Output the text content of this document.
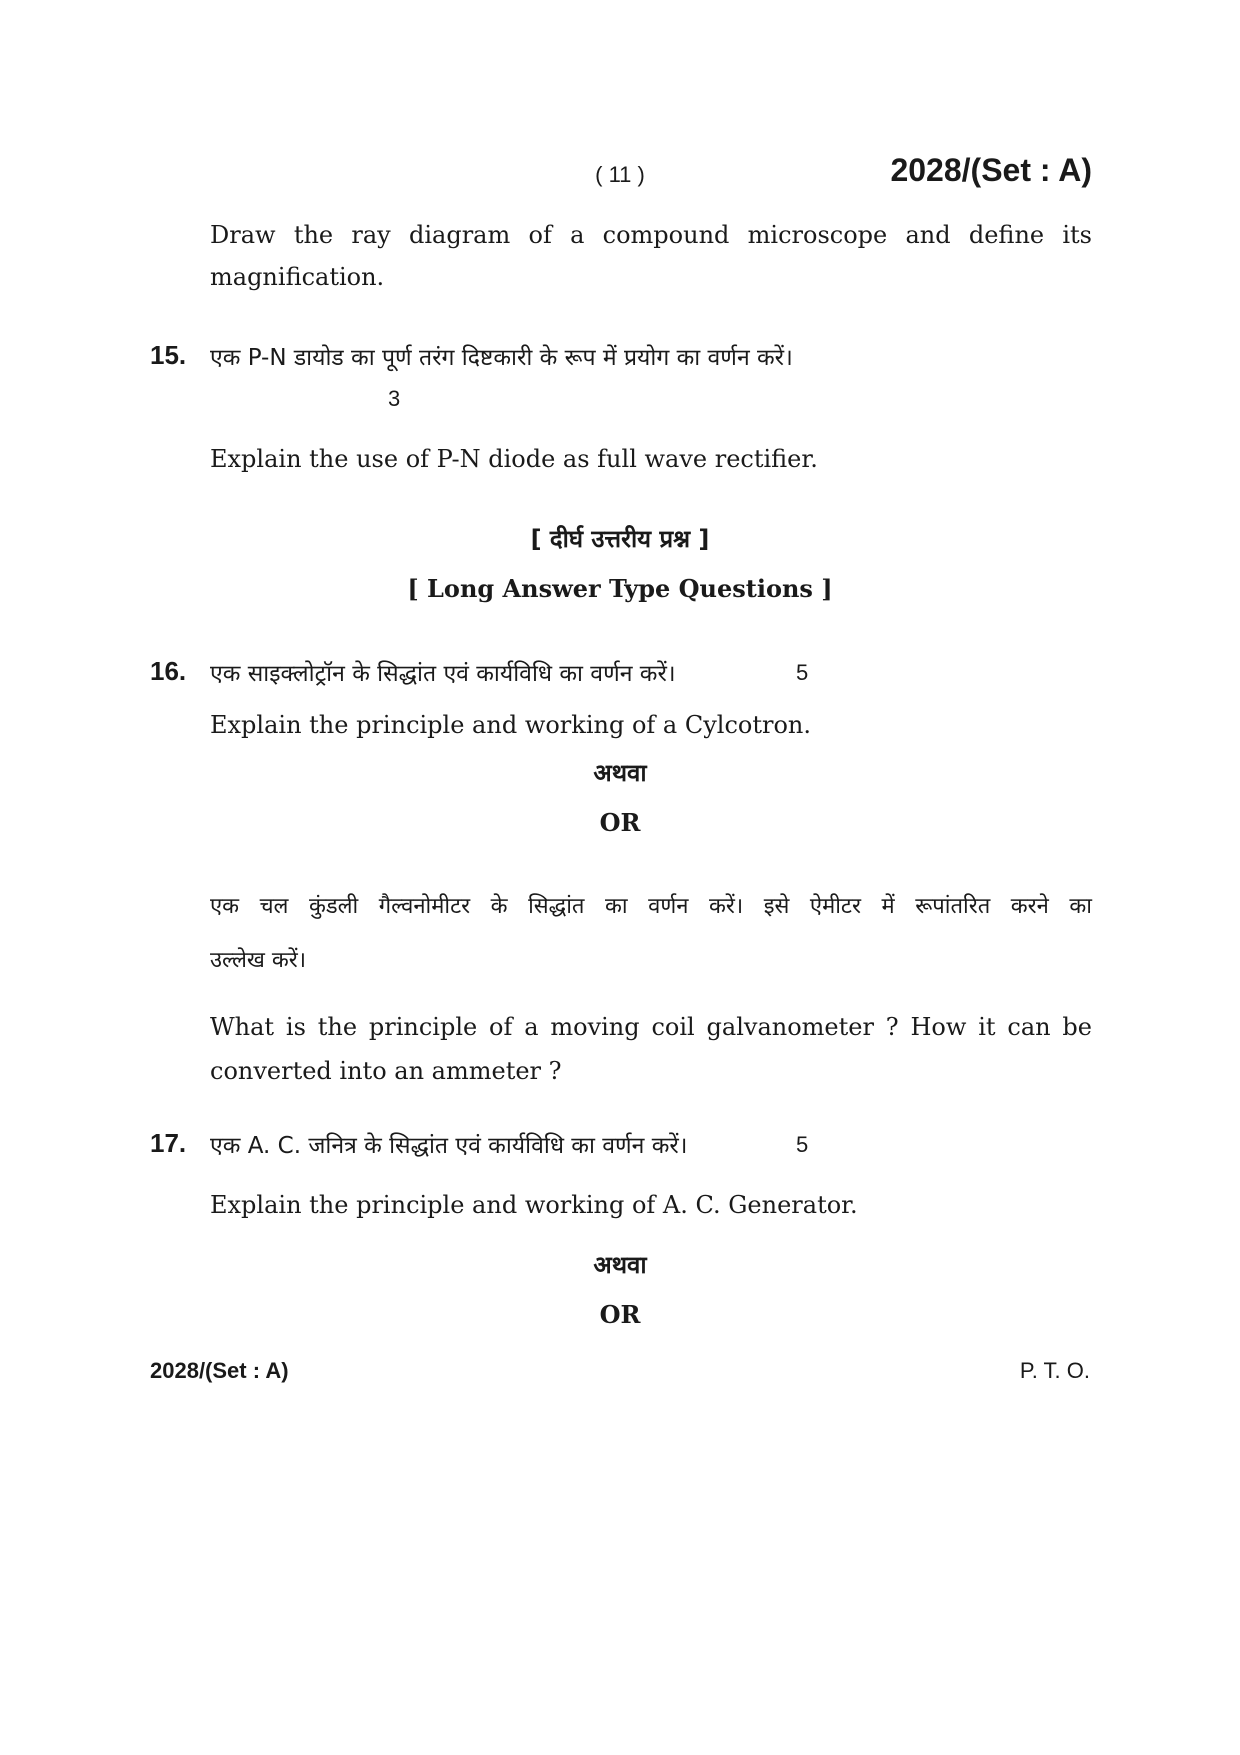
( 11 )	2028/(Set : A)
Draw the ray diagram of a compound microscope and define its
magnification.
15. एक P-N डायोड का पूर्ण तरंग दिष्टकारी के रूप में प्रयोग का वर्णन करें।
3
Explain the use of P-N diode as full wave rectifier.
[ दीर्घ उत्तरीय प्रश्न ]
[ Long Answer Type Questions ]
16. एक साइक्लोट्रॉन के सिद्धांत एवं कार्यविधि का वर्णन करें।	5
Explain the principle and working of a Cylcotron.
अथवा
OR
एक चल कुंडली गैल्वनोमीटर के सिद्धांत का वर्णन करें। इसे ऐमीटर में रूपांतरित करने का
उल्लेख करें।
What is the principle of a moving coil galvanometer ? How it can be
converted into an ammeter ?
17. एक A. C. जनित्र के सिद्धांत एवं कार्यविधि का वर्णन करें।	5
Explain the principle and working of A. C. Generator.
अथवा
OR
2028/(Set : A)	P. T. O.
